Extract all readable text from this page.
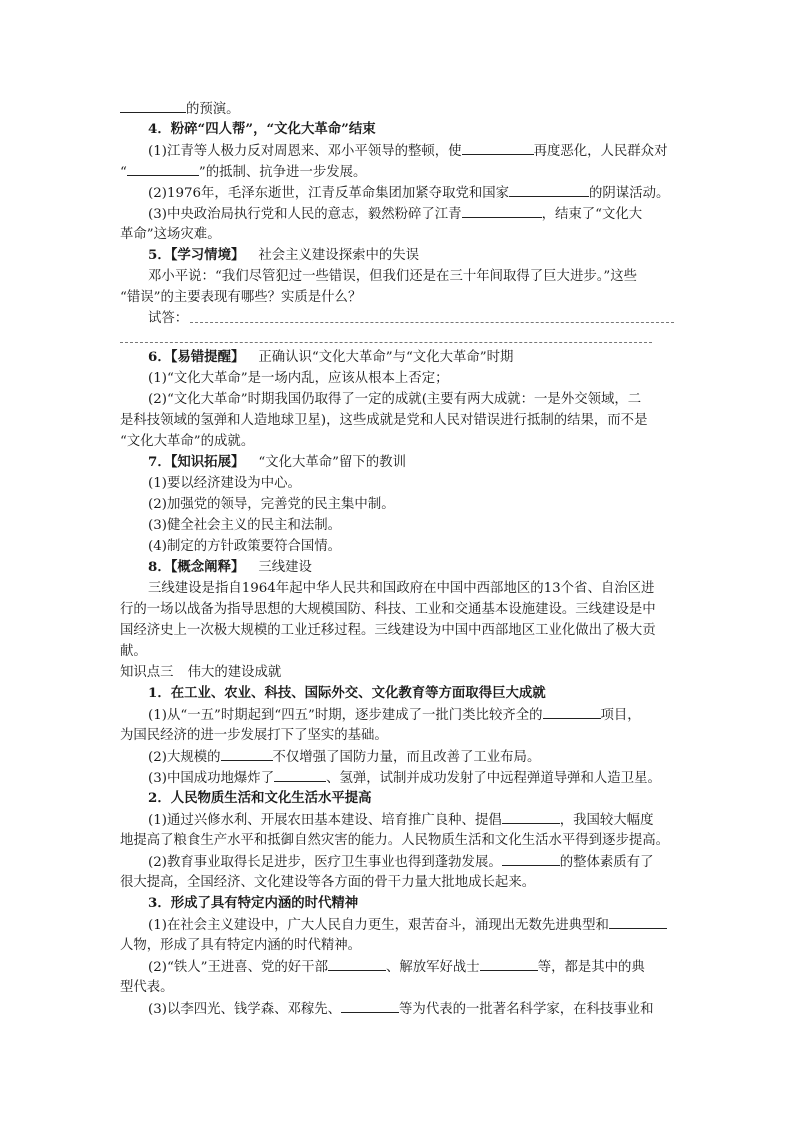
的预演。
4．粉碎“四人帮”，“文化大革命”结束
(1)江青等人极力反对周恩来、邓小平领导的整顿，使	再度恶化，人民群众对
“	”的抵制、抗争进一步发展。
(2)1976年，毛泽东逝世，江青反革命集团加紧夺取党和国家	的阴谋活动。
(3)中央政治局执行党和人民的意志，毅然粉碎了江青	，结束了“文化大
革命”这场灾难。
5．【学习情境】 社会主义建设探索中的失误
邓小平说：“我们尽管犯过一些错误，但我们还是在三十年间取得了巨大进步。”这些
“错误”的主要表现有哪些？实质是什么？
试答：
6．【易错提醒】 正确认识“文化大革命”与“文化大革命”时期
(1)“文化大革命”是一场内乱，应该从根本上否定；
(2)“文化大革命”时期我国仍取得了一定的成就(主要有两大成就：一是外交领域，二
是科技领域的氢弹和人造地球卫星)，这些成就是党和人民对错误进行抵制的结果，而不是
“文化大革命”的成就。
7．【知识拓展】 “文化大革命”留下的教训
(1)要以经济建设为中心。
(2)加强党的领导，完善党的民主集中制。
(3)健全社会主义的民主和法制。
(4)制定的方针政策要符合国情。
8．【概念阐释】 三线建设
三线建设是指自1964年起中华人民共和国政府在中国中西部地区的13个省、自治区进
行的一场以战备为指导思想的大规模国防、科技、工业和交通基本设施建设。三线建设是中
国经济史上一次极大规模的工业迁移过程。三线建设为中国中西部地区工业化做出了极大贡
献。
知识点三 伟大的建设成就
1．在工业、农业、科技、国际外交、文化教育等方面取得巨大成就
(1)从“一五”时期起到“四五”时期，逐步建成了一批门类比较齐全的	项目，
为国民经济的进一步发展打下了坚实的基础。
(2)大规模的	不仅增强了国防力量，而且改善了工业布局。
(3)中国成功地爆炸了	、氢弹，试制并成功发射了中远程弹道导弹和人造卫星。
2．人民物质生活和文化生活水平提高
(1)通过兴修水利、开展农田基本建设、培育推广良种、提倡	，我国较大幅度
地提高了粮食生产水平和抵御自然灾害的能力。人民物质生活和文化生活水平得到逐步提高。
(2)教育事业取得长足进步，医疗卫生事业也得到蓬勃发展。	的整体素质有了
很大提高，全国经济、文化建设等各方面的骨干力量大批地成长起来。
3．形成了具有特定内涵的时代精神
(1)在社会主义建设中，广大人民自力更生，艰苦奋斗，涌现出无数先进典型和
人物，形成了具有特定内涵的时代精神。
(2)“铁人”王进喜、党的好干部	、解放军好战士	等，都是其中的典
型代表。
(3)以李四光、钱学森、邓稼先、	等为代表的一批著名科学家，在科技事业和
